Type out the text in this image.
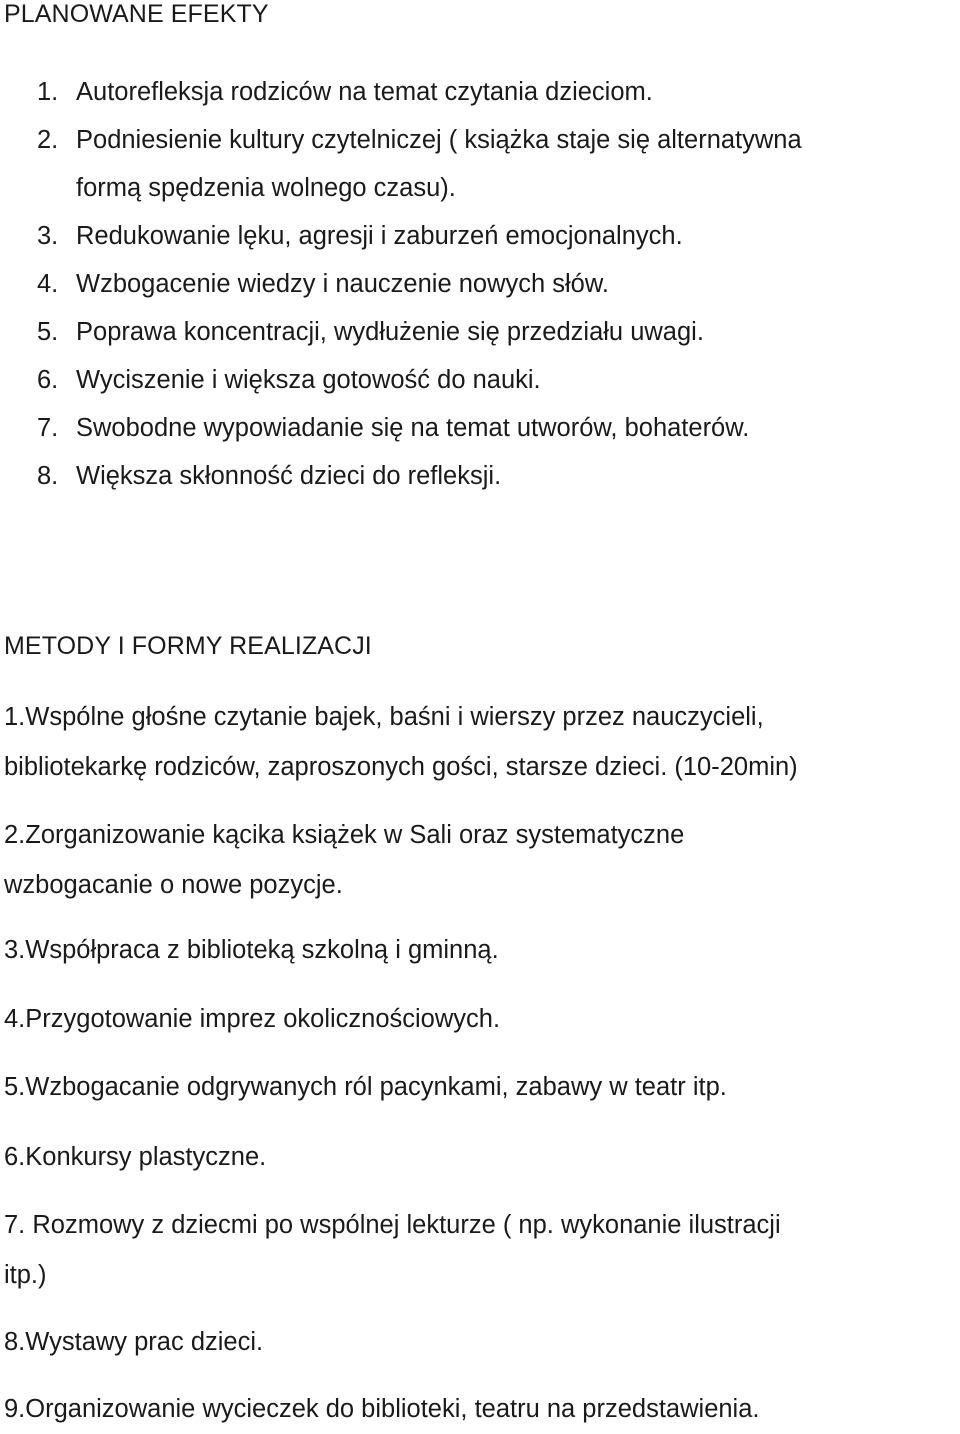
PLANOWANE EFEKTY
1. Autorefleksja rodziców na temat czytania dzieciom.
2. Podniesienie kultury czytelniczej ( książka staje się alternatywna
formą spędzenia wolnego czasu).
3. Redukowanie lęku, agresji i zaburzeń emocjonalnych.
4. Wzbogacenie wiedzy i nauczenie nowych słów.
5. Poprawa koncentracji, wydłużenie się przedziału uwagi.
6. Wyciszenie i większa gotowość do nauki.
7. Swobodne wypowiadanie się na temat utworów, bohaterów.
8. Większa skłonność dzieci do refleksji.
METODY I FORMY REALIZACJI
1.Wspólne głośne czytanie bajek, baśni i wierszy przez nauczycieli,
bibliotekarkę rodziców, zaproszonych gości, starsze dzieci. (10-20min)
2.Zorganizowanie kącika książek w Sali oraz systematyczne
wzbogacanie o nowe pozycje.
3.Współpraca z biblioteką szkolną i gminną.
4.Przygotowanie imprez okolicznościowych.
5.Wzbogacanie odgrywanych ról pacynkami, zabawy w teatr itp.
6.Konkursy plastyczne.
7. Rozmowy z dziecmi po wspólnej lekturze ( np. wykonanie ilustracji
itp.)
8.Wystawy prac dzieci.
9.Organizowanie wycieczek do biblioteki, teatru na przedstawienia.
